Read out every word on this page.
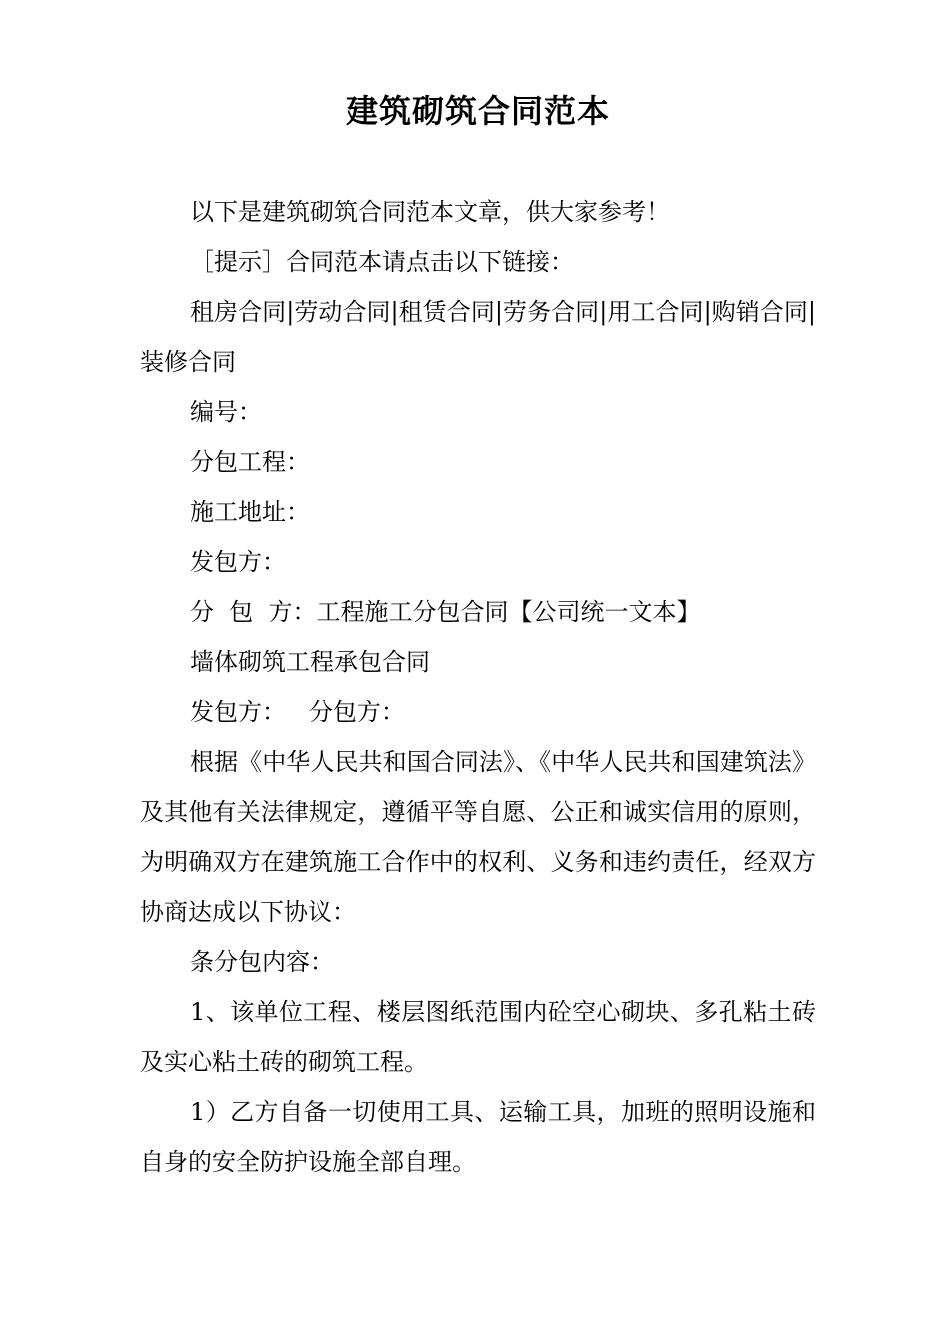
建筑砌筑合同范本

以下是建筑砌筑合同范本文章，供大家参考！

［提示］合同范本请点击以下链接：

租房合同|劳动合同|租赁合同|劳务合同|用工合同|购销合同|装修合同

编号：

分包工程：

施工地址：

发包方：

分  包  方：工程施工分包合同【公司统一文本】

墙体砌筑工程承包合同

发包方：   分包方：

根据《中华人民共和国合同法》、《中华人民共和国建筑法》及其他有关法律规定，遵循平等自愿、公正和诚实信用的原则，为明确双方在建筑施工合作中的权利、义务和违约责任，经双方协商达成以下协议：

条分包内容：

1、该单位工程、楼层图纸范围内砼空心砌块、多孔粘土砖及实心粘土砖的砌筑工程。

1）乙方自备一切使用工具、运输工具，加班的照明设施和自身的安全防护设施全部自理。
